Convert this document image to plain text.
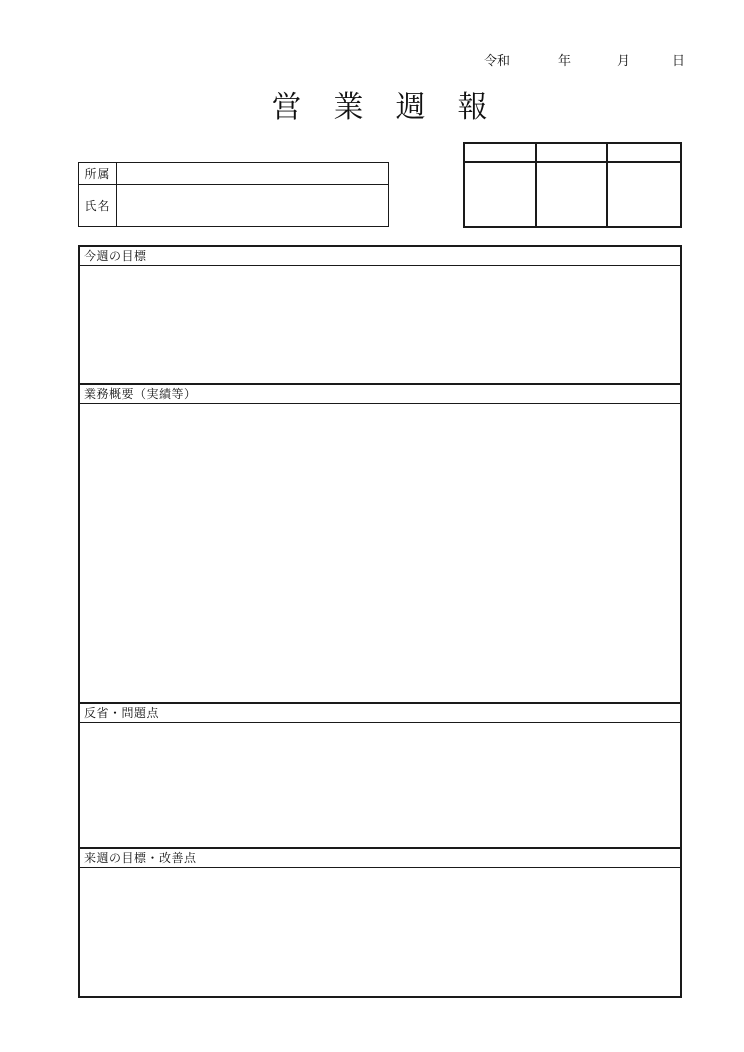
令和	年	月	日
営　業　週　報
所属
氏名
今週の目標
業務概要（実績等）
反省・問題点
来週の目標・改善点
